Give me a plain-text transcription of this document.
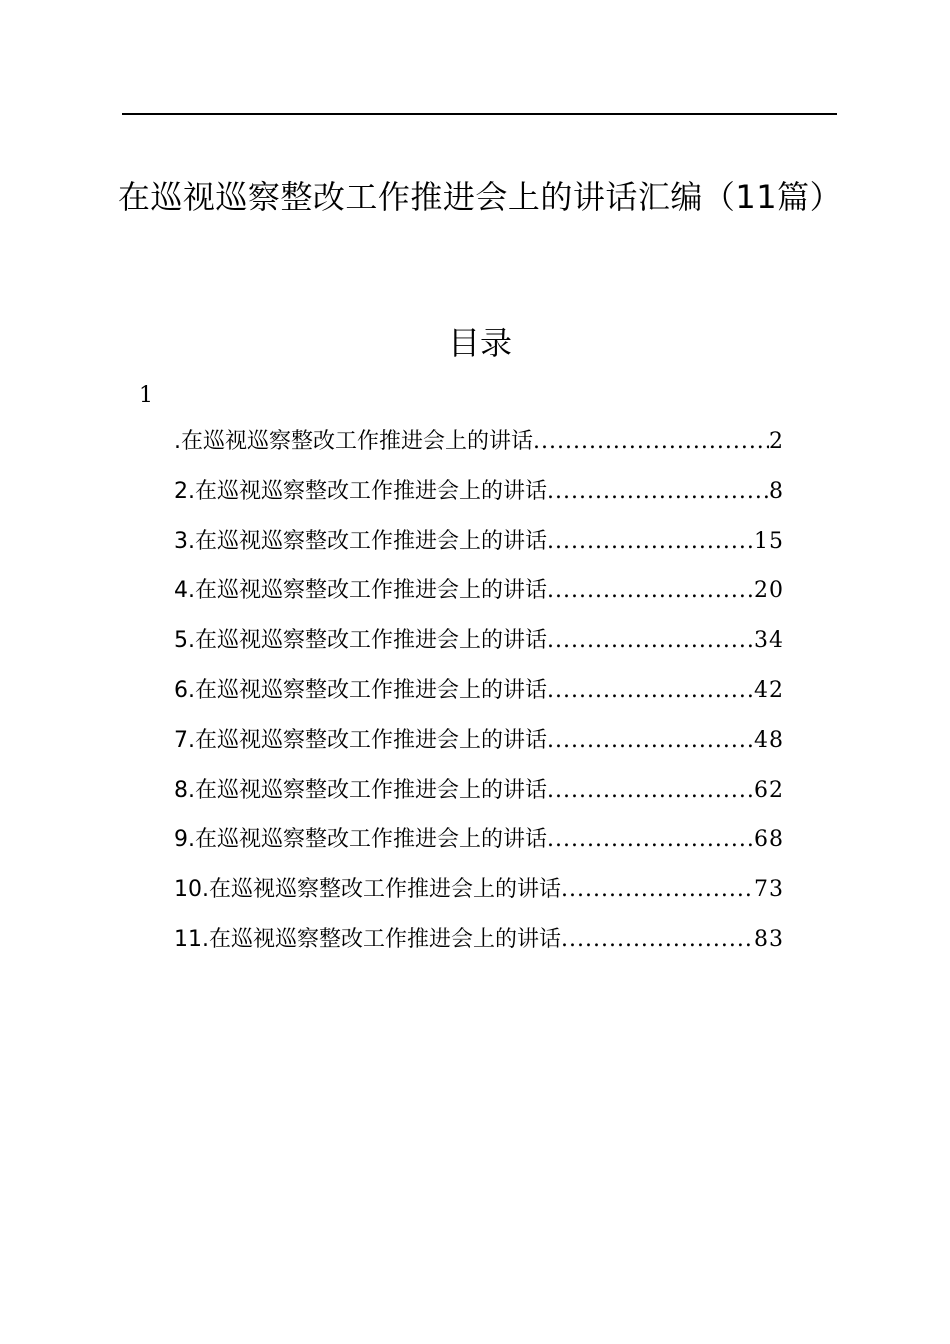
在巡视巡察整改工作推进会上的讲话汇编（11篇）
目录
1
.在巡视巡察整改工作推进会上的讲话 .....	2
2.在巡视巡察整改工作推进会上的讲话 .....	8
3.在巡视巡察整改工作推进会上的讲话 .....	15
4.在巡视巡察整改工作推进会上的讲话 .....	20
5.在巡视巡察整改工作推进会上的讲话 .....	34
6.在巡视巡察整改工作推进会上的讲话 .....	42
7.在巡视巡察整改工作推进会上的讲话 .....	48
8.在巡视巡察整改工作推进会上的讲话 .....	62
9.在巡视巡察整改工作推进会上的讲话 .....	68
10.在巡视巡察整改工作推进会上的讲话 .....	73
11.在巡视巡察整改工作推进会上的讲话 .....	83
